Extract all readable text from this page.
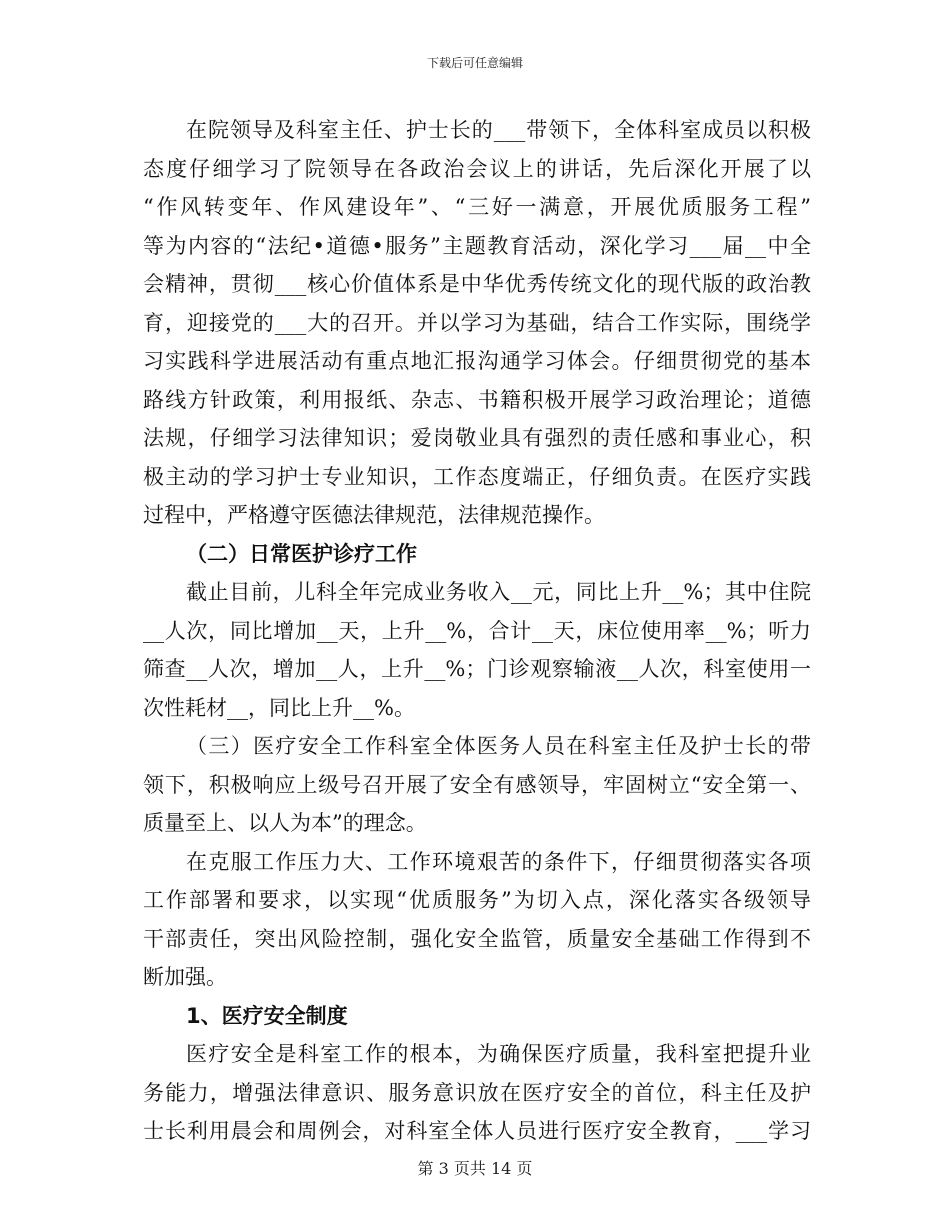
下载后可任意编辑
在院领导及科室主任、护士长的___带领下，全体科室成员以积极
态度仔细学习了院领导在各政治会议上的讲话，先后深化开展了以
“作风转变年、作风建设年”、“三好一满意，开展优质服务工程”
等为内容的“法纪•道德•服务”主题教育活动，深化学习___届__中全
会精神，贯彻___核心价值体系是中华优秀传统文化的现代版的政治教
育，迎接党的___大的召开。并以学习为基础，结合工作实际，围绕学
习实践科学进展活动有重点地汇报沟通学习体会。仔细贯彻党的基本
路线方针政策，利用报纸、杂志、书籍积极开展学习政治理论；道德
法规，仔细学习法律知识；爱岗敬业具有强烈的责任感和事业心，积
极主动的学习护士专业知识，工作态度端正，仔细负责。在医疗实践
过程中，严格遵守医德法律规范，法律规范操作。
（二）日常医护诊疗工作
截止目前，儿科全年完成业务收入__元，同比上升__%；其中住院
__人次，同比增加__天，上升__%，合计__天，床位使用率__%；听力
筛查__人次，增加__人，上升__%；门诊观察输液__人次，科室使用一
次性耗材__，同比上升__%。
（三）医疗安全工作科室全体医务人员在科室主任及护士长的带
领下，积极响应上级号召开展了安全有感领导，牢固树立“安全第一、
质量至上、以人为本”的理念。
在克服工作压力大、工作环境艰苦的条件下，仔细贯彻落实各项
工作部署和要求，以实现“优质服务”为切入点，深化落实各级领导
干部责任，突出风险控制，强化安全监管，质量安全基础工作得到不
断加强。
1、医疗安全制度
医疗安全是科室工作的根本，为确保医疗质量，我科室把提升业
务能力，增强法律意识、服务意识放在医疗安全的首位，科主任及护
士长利用晨会和周例会，对科室全体人员进行医疗安全教育，___学习
第 3 页共 14 页
